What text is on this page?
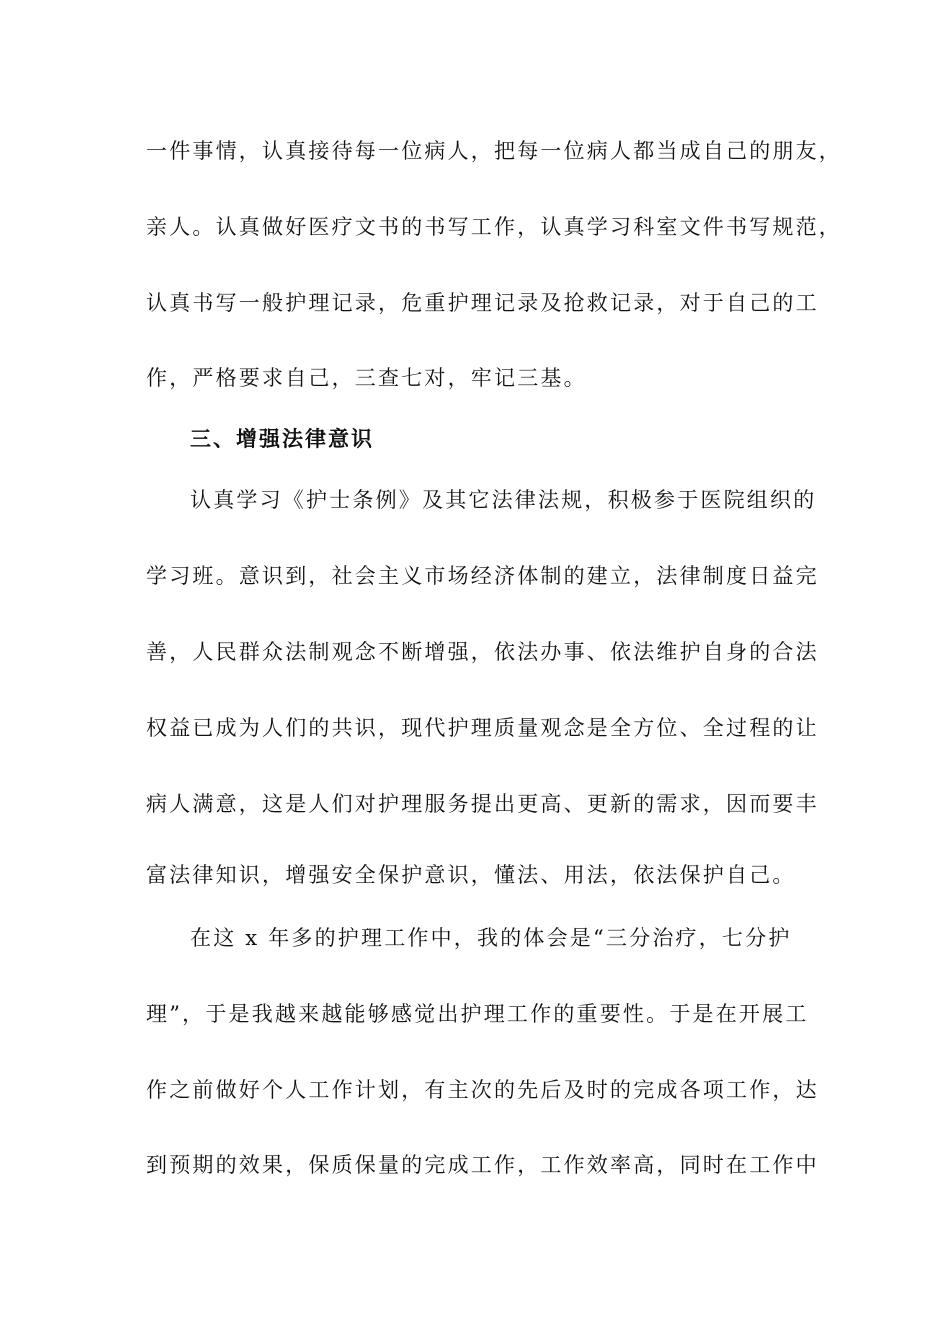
一件事情，认真接待每一位病人，把每一位病人都当成自己的朋友，
亲人。认真做好医疗文书的书写工作，认真学习科室文件书写规范，
认真书写一般护理记录，危重护理记录及抢救记录，对于自己的工
作，严格要求自己，三查七对，牢记三基。
三、增强法律意识
认真学习《护士条例》及其它法律法规，积极参于医院组织的
学习班。意识到，社会主义市场经济体制的建立，法律制度日益完
善，人民群众法制观念不断增强，依法办事、依法维护自身的合法
权益已成为人们的共识，现代护理质量观念是全方位、全过程的让
病人满意，这是人们对护理服务提出更高、更新的需求，因而要丰
富法律知识，增强安全保护意识，懂法、用法，依法保护自己。
在这 x 年多的护理工作中，我的体会是“三分治疗，七分护
理”，于是我越来越能够感觉出护理工作的重要性。于是在开展工
作之前做好个人工作计划，有主次的先后及时的完成各项工作，达
到预期的效果，保质保量的完成工作，工作效率高，同时在工作中
